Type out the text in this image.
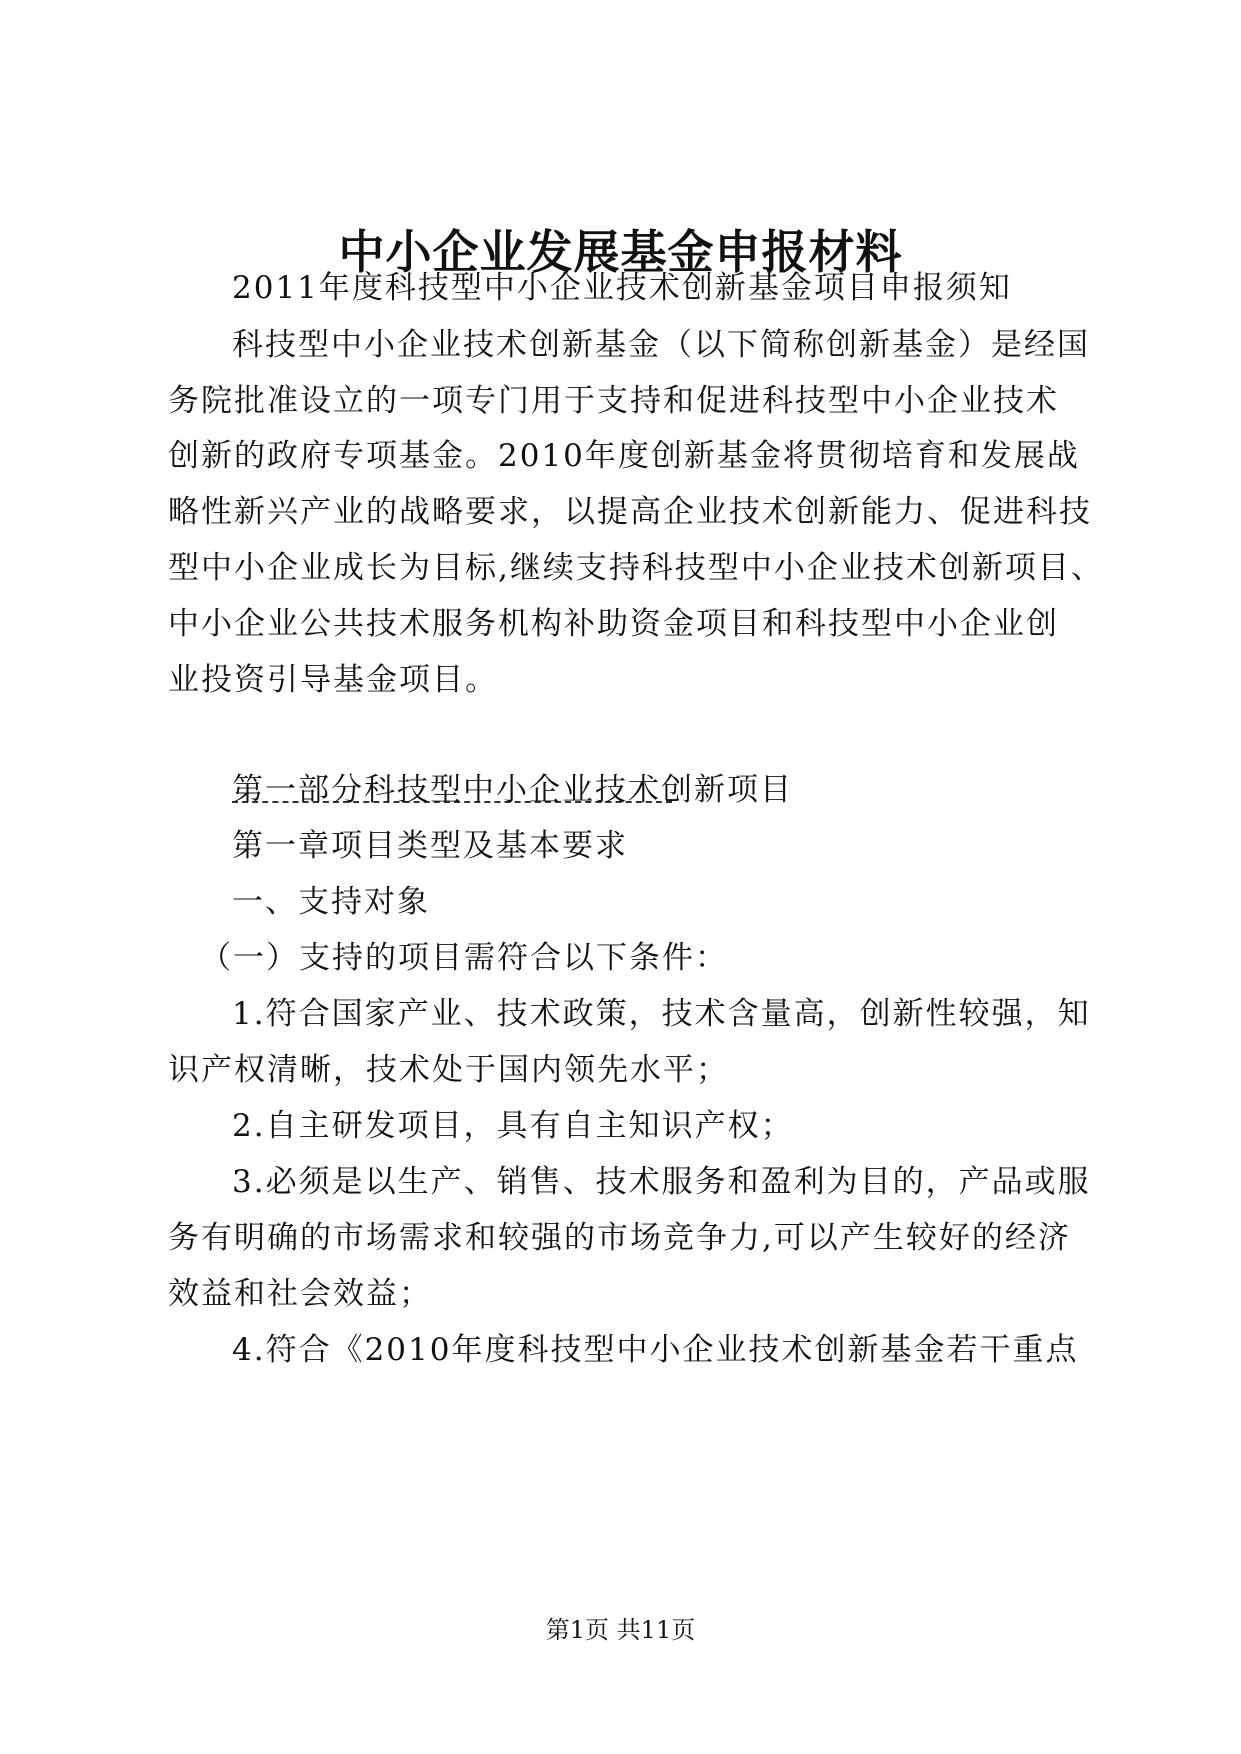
中小企业发展基金申报材料
2011年度科技型中小企业技术创新基金项目申报须知
科技型中小企业技术创新基金（以下简称创新基金）是经国
务院批准设立的一项专门用于支持和促进科技型中小企业技术
创新的政府专项基金。2010年度创新基金将贯彻培育和发展战
略性新兴产业的战略要求，以提高企业技术创新能力、促进科技
型中小企业成长为目标,继续支持科技型中小企业技术创新项目、
中小企业公共技术服务机构补助资金项目和科技型中小企业创
业投资引导基金项目。
第一部分科技型中小企业技术创新项目
第一章项目类型及基本要求
一、支持对象
（一）支持的项目需符合以下条件：
1.符合国家产业、技术政策，技术含量高，创新性较强，知
识产权清晰，技术处于国内领先水平；
2.自主研发项目，具有自主知识产权；
3.必须是以生产、销售、技术服务和盈利为目的，产品或服
务有明确的市场需求和较强的市场竞争力,可以产生较好的经济
效益和社会效益；
4.符合《2010年度科技型中小企业技术创新基金若干重点
第1页 共11页
